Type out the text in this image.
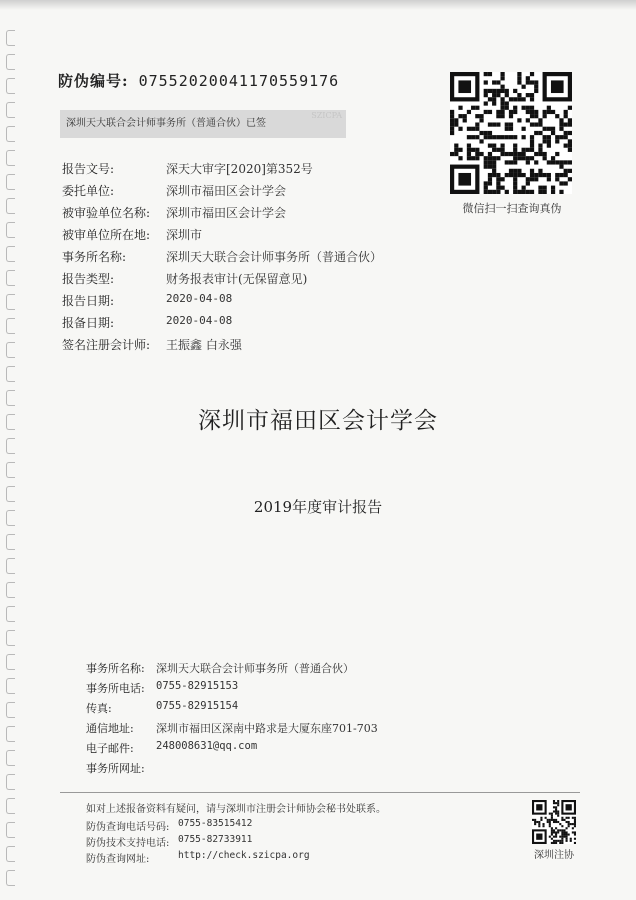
防伪编号: 07552020041170559176
深圳天大联合会计师事务所（普通合伙）已签
SZICPA
微信扫一扫查询真伪
报告文号:	深天大审字[2020]第352号
委托单位:	深圳市福田区会计学会
被审验单位名称: 深圳市福田区会计学会
被审单位所在地: 深圳市
事务所名称:	深圳天大联合会计师事务所（普通合伙）
报告类型:	财务报表审计(无保留意见)
报告日期:	2020-04-08
报备日期:	2020-04-08
签名注册会计师: 王振鑫 白永强
深圳市福田区会计学会
2019年度审计报告
事务所名称: 深圳天大联合会计师事务所（普通合伙）
事务所电话: 0755-82915153
传真:	0755-82915154
通信地址: 深圳市福田区深南中路求是大厦东座701-703
电子邮件: 248008631@qq.com
事务所网址:
如对上述报备资料有疑问，请与深圳市注册会计师协会秘书处联系。
防伪查询电话号码: 0755-83515412
防伪技术支持电话: 0755-82733911
防伪查询网址:	http://check.szicpa.org	深圳注协
